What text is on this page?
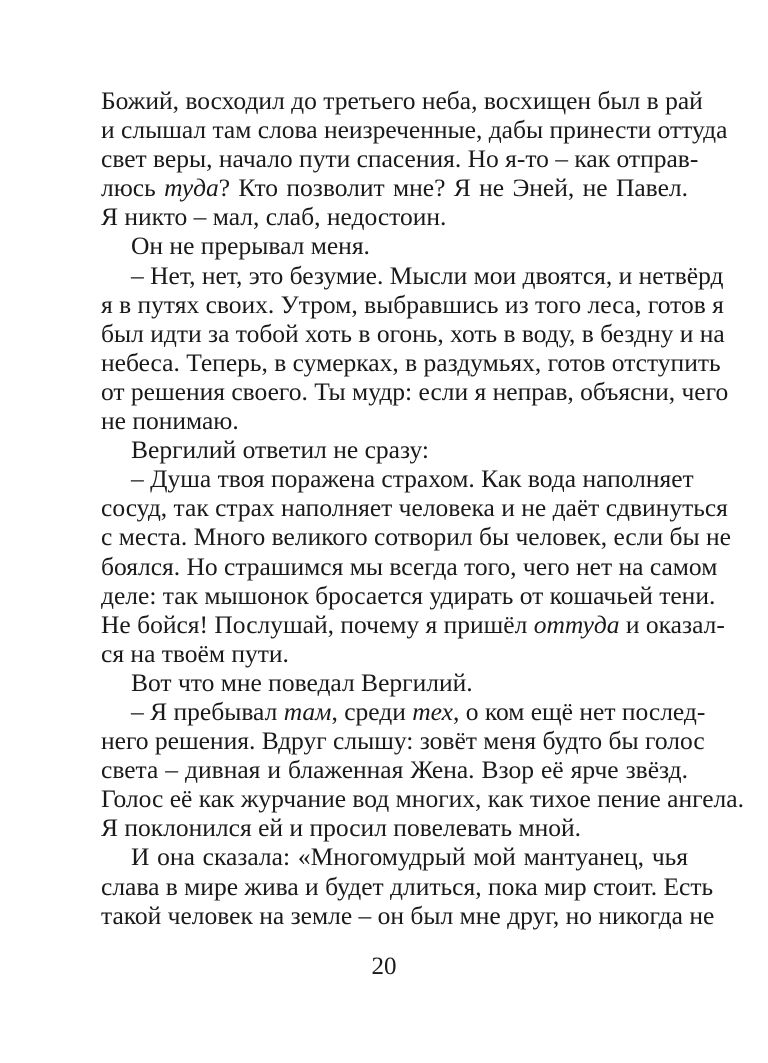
Божий, восходил до третьего неба, восхищен был в рай
и слышал там слова неизреченные, дабы принести оттуда
свет веры, начало пути спасения. Но я-то – как отправ-
люсь туда? Кто позволит мне? Я не Эней, не Павел.
Я никто – мал, слаб, недостоин.
Он не прерывал меня.
– Нет, нет, это безумие. Мысли мои двоятся, и нетвёрд
я в путях своих. Утром, выбравшись из того леса, готов я
был идти за тобой хоть в огонь, хоть в воду, в бездну и на
небеса. Теперь, в сумерках, в раздумьях, готов отступить
от решения своего. Ты мудр: если я неправ, объясни, чего
не понимаю.
Вергилий ответил не сразу:
– Душа твоя поражена страхом. Как вода наполняет
сосуд, так страх наполняет человека и не даёт сдвинуться
с места. Много великого сотворил бы человек, если бы не
боялся. Но страшимся мы всегда того, чего нет на самом
деле: так мышонок бросается удирать от кошачьей тени.
Не бойся! Послушай, почему я пришёл оттуда и оказал-
ся на твоём пути.
Вот что мне поведал Вергилий.
– Я пребывал там, среди тех, о ком ещё нет послед-
него решения. Вдруг слышу: зовёт меня будто бы голос
света – дивная и блаженная Жена. Взор её ярче звёзд.
Голос её как журчание вод многих, как тихое пение ангела.
Я поклонился ей и просил повелевать мной.
И она сказала: «Многомудрый мой мантуанец, чья
слава в мире жива и будет длиться, пока мир стоит. Есть
такой человек на земле – он был мне друг, но никогда не
20
